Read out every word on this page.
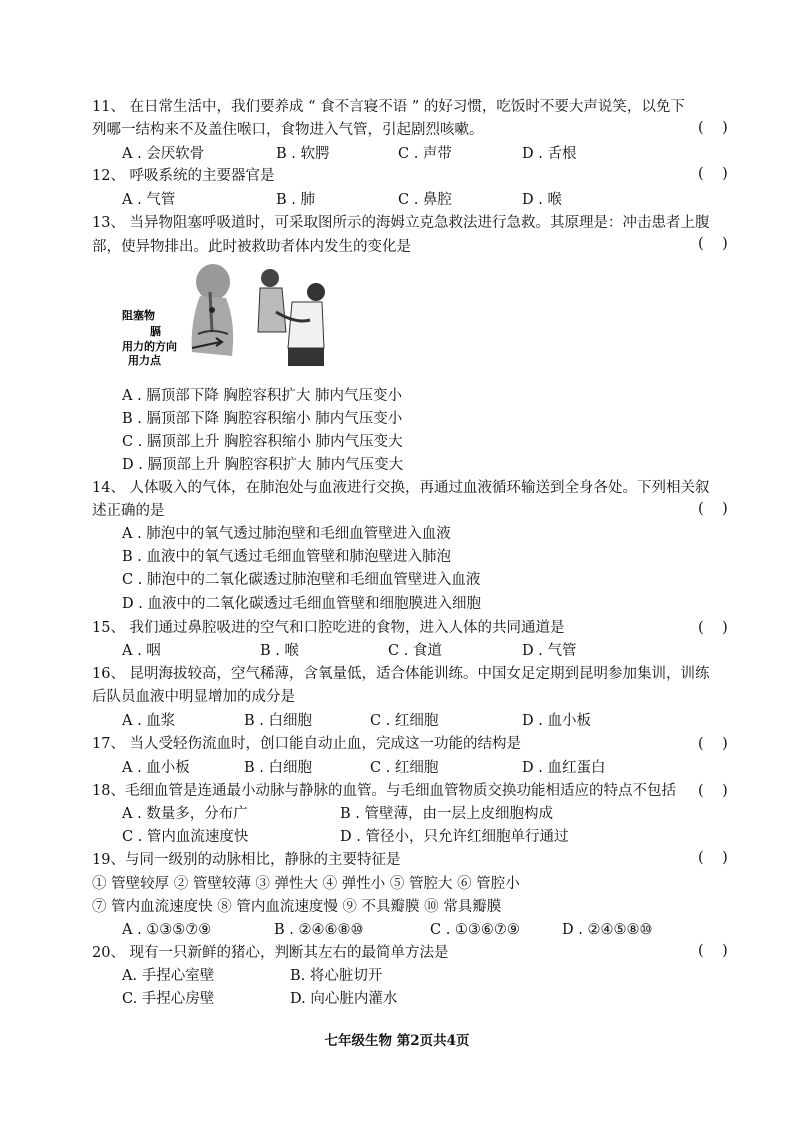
11、 在日常生活中，我们要养成 “ 食不言寝不语 ” 的好习惯，吃饭时不要大声说笑，以免下
列哪一结构来不及盖住喉口，食物进入气管，引起剧烈咳嗽。	(    )
A . 会厌软骨	B . 软腭	C . 声带	D . 舌根
12、 呼吸系统的主要器官是	(    )
A . 气管	B . 肺	C . 鼻腔	D . 喉
13、 当异物阻塞呼吸道时，可采取图所示的海姆立克急救法进行急救。其原理是：冲击患者上腹
部，使异物排出。此时被救助者体内发生的变化是	(    )
阻塞物
膈
用力的方向
用力点
A . 膈顶部下降 胸腔容积扩大 肺内气压变小
B . 膈顶部下降 胸腔容积缩小 肺内气压变小
C . 膈顶部上升 胸腔容积缩小 肺内气压变大
D . 膈顶部上升 胸腔容积扩大 肺内气压变大
14、 人体吸入的气体，在肺泡处与血液进行交换，再通过血液循环输送到全身各处。下列相关叙
述正确的是	(    )
A . 肺泡中的氧气透过肺泡壁和毛细血管壁进入血液
B . 血液中的氧气透过毛细血管壁和肺泡壁进入肺泡
C . 肺泡中的二氧化碳透过肺泡壁和毛细血管壁进入血液
D . 血液中的二氧化碳透过毛细血管壁和细胞膜进入细胞
15、 我们通过鼻腔吸进的空气和口腔吃进的食物，进入人体的共同通道是	(    )
A . 咽	B . 喉	C . 食道	D . 气管
16、 昆明海拔较高，空气稀薄，含氧量低，适合体能训练。中国女足定期到昆明参加集训，训练
后队员血液中明显增加的成分是
A . 血浆	B . 白细胞	C . 红细胞	D . 血小板
17、 当人受轻伤流血时，创口能自动止血，完成这一功能的结构是	(    )
A . 血小板	B . 白细胞	C . 红细胞	D . 血红蛋白
18、毛细血管是连通最小动脉与静脉的血管。与毛细血管物质交换功能相适应的特点不包括 (    )
A . 数量多，分布广	B . 管壁薄，由一层上皮细胞构成
C . 管内血流速度快	D . 管径小，只允许红细胞单行通过
19、与同一级别的动脉相比，静脉的主要特征是	(    )
① 管壁较厚 ② 管壁较薄 ③ 弹性大 ④ 弹性小 ⑤ 管腔大 ⑥ 管腔小
⑦ 管内血流速度快 ⑧ 管内血流速度慢 ⑨ 不具瓣膜 ⑩ 常具瓣膜
A . ①③⑤⑦⑨	B . ②④⑥⑧⑩	C . ①③⑥⑦⑨	D . ②④⑤⑧⑩
20、 现有一只新鲜的猪心，判断其左右的最简单方法是	(    )
A. 手捏心室壁	B. 将心脏切开
C. 手捏心房壁	D. 向心脏内灌水
七年级生物 第2页共4页
